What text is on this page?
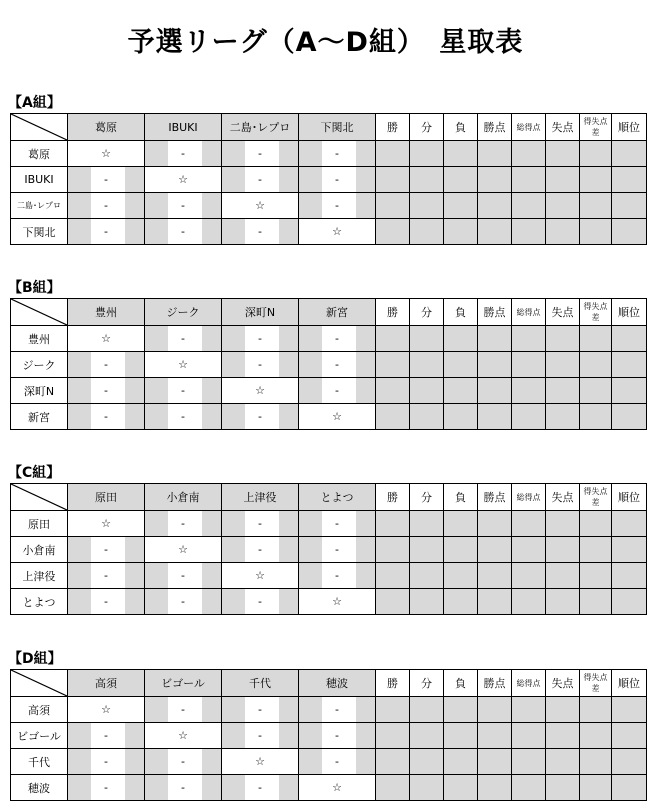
予選リーグ（A～D組）　星取表
【A組】
	葛原	IBUKI	二島･レプロ	下関北	勝	分	負	勝点	総得点	失点	得失点差	順位
葛原	☆	-	-	-								
IBUKI	-	☆	-	-								
二島･レプロ	-	-	☆	-								
下関北	-	-	-	☆								
【B組】
	豊州	ジーク	深町N	新宮	勝	分	負	勝点	総得点	失点	得失点差	順位
豊州	☆	-	-	-								
ジーク	-	☆	-	-								
深町N	-	-	☆	-								
新宮	-	-	-	☆								
【C組】
	原田	小倉南	上津役	とよつ	勝	分	負	勝点	総得点	失点	得失点差	順位
原田	☆	-	-	-								
小倉南	-	☆	-	-								
上津役	-	-	☆	-								
とよつ	-	-	-	☆								
【D組】
	高須	ビゴール	千代	穂波	勝	分	負	勝点	総得点	失点	得失点差	順位
高須	☆	-	-	-								
ビゴール	-	☆	-	-								
千代	-	-	☆	-								
穂波	-	-	-	☆								
